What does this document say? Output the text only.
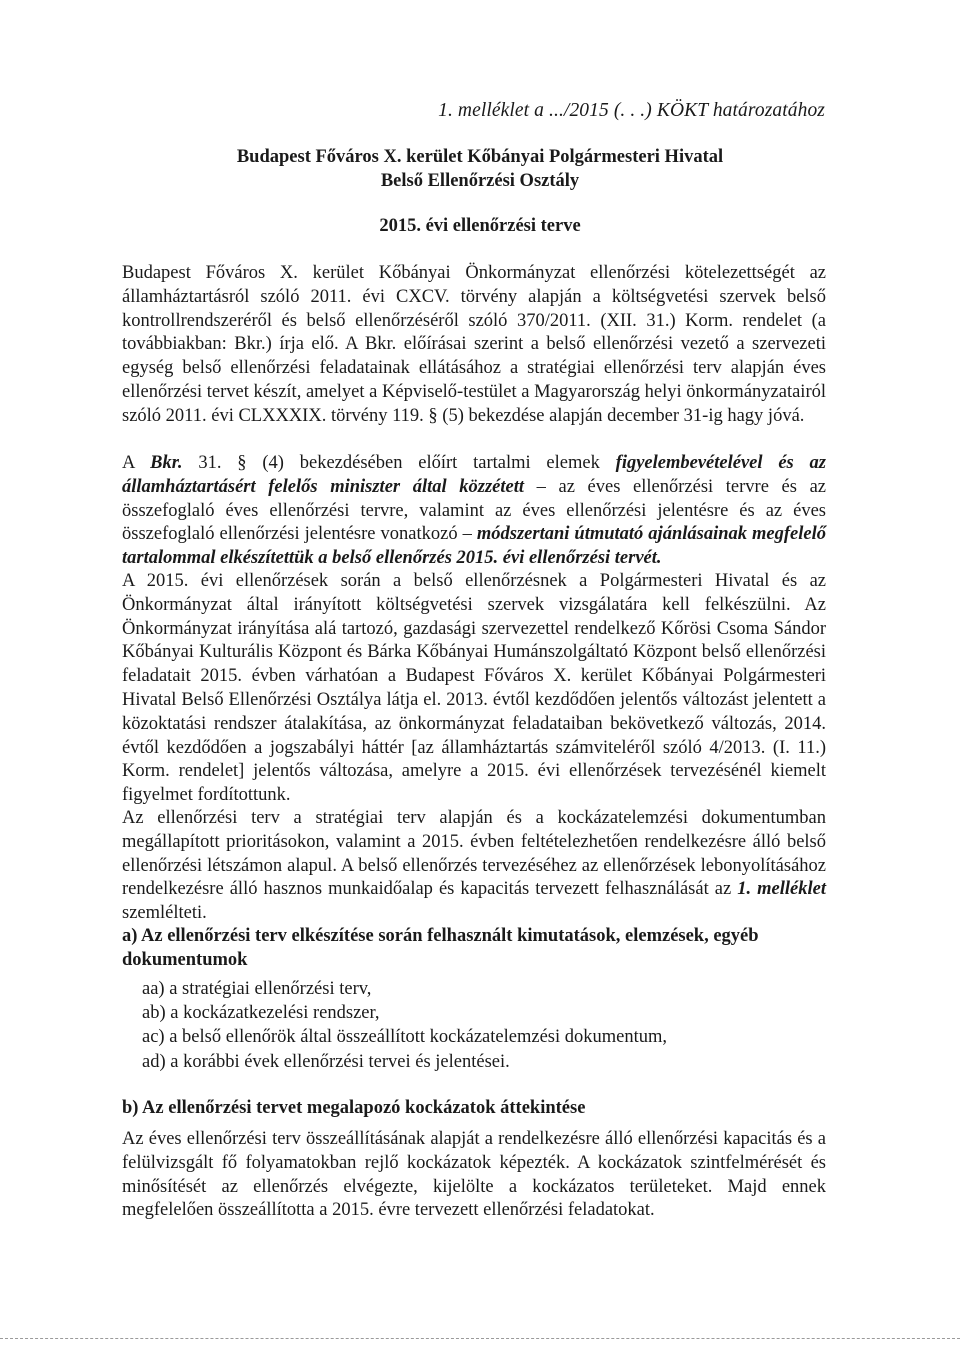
1. melléklet a .../2015 (. . .) KÖKT határozatához
Budapest Főváros X. kerület Kőbányai Polgármesteri Hivatal
Belső Ellenőrzési Osztály
2015. évi ellenőrzési terve

Budapest Főváros X. kerület Kőbányai Önkormányzat ellenőrzési kötelezettségét az államháztartásról szóló 2011. évi CXCV. törvény alapján a költségvetési szervek belső kontrollrendszeréről és belső ellenőrzéséről szóló 370/2011. (XII. 31.) Korm. rendelet (a továbbiakban: Bkr.) írja elő. A Bkr. előírásai szerint a belső ellenőrzési vezető a szervezeti egység belső ellenőrzési feladatainak ellátásához a stratégiai ellenőrzési terv alapján éves ellenőrzési tervet készít, amelyet a Képviselő-testület a Magyarország helyi önkormányzatairól szóló 2011. évi CLXXXIX. törvény 119. § (5) bekezdése alapján december 31-ig hagy jóvá.

A Bkr. 31. § (4) bekezdésében előírt tartalmi elemek figyelembevételével és az államháztartásért felelős miniszter által közzétett – az éves ellenőrzési tervre és az összefoglaló éves ellenőrzési tervre, valamint az éves ellenőrzési jelentésre és az éves összefoglaló ellenőrzési jelentésre vonatkozó – módszertani útmutató ajánlásainak megfelelő tartalommal elkészítettük a belső ellenőrzés 2015. évi ellenőrzési tervét.

A 2015. évi ellenőrzések során a belső ellenőrzésnek a Polgármesteri Hivatal és az Önkormányzat által irányított költségvetési szervek vizsgálatára kell felkészülni. Az Önkormányzat irányítása alá tartozó, gazdasági szervezettel rendelkező Kőrösi Csoma Sándor Kőbányai Kulturális Központ és Bárka Kőbányai Humánszolgáltató Központ belső ellenőrzési feladatait 2015. évben várhatóan a Budapest Főváros X. kerület Kőbányai Polgármesteri Hivatal Belső Ellenőrzési Osztálya látja el. 2013. évtől kezdődően jelentős változást jelentett a közoktatási rendszer átalakítása, az önkormányzat feladataiban bekövetkező változás, 2014. évtől kezdődően a jogszabályi háttér [az államháztartás számviteléről szóló 4/2013. (I. 11.) Korm. rendelet] jelentős változása, amelyre a 2015. évi ellenőrzések tervezésénél kiemelt figyelmet fordítottunk.

Az ellenőrzési terv a stratégiai terv alapján és a kockázatelemzési dokumentumban megállapított prioritásokon, valamint a 2015. évben feltételezhetően rendelkezésre álló belső ellenőrzési létszámon alapul. A belső ellenőrzés tervezéséhez az ellenőrzések lebonyolításához rendelkezésre álló hasznos munkaidőalap és kapacitás tervezett felhasználását az 1. melléklet szemlélteti.

a) Az ellenőrzési terv elkészítése során felhasznált kimutatások, elemzések, egyéb dokumentumok

aa) a stratégiai ellenőrzési terv,
ab) a kockázatkezelési rendszer,
ac) a belső ellenőrök által összeállított kockázatelemzési dokumentum,
ad) a korábbi évek ellenőrzési tervei és jelentései.

b) Az ellenőrzési tervet megalapozó kockázatok áttekintése

Az éves ellenőrzési terv összeállításának alapját a rendelkezésre álló ellenőrzési kapacitás és a felülvizsgált fő folyamatokban rejlő kockázatok képezték. A kockázatok szintfelmérését és minősítését az ellenőrzés elvégezte, kijelölte a kockázatos területeket. Majd ennek megfelelően összeállította a 2015. évre tervezett ellenőrzési feladatokat.
